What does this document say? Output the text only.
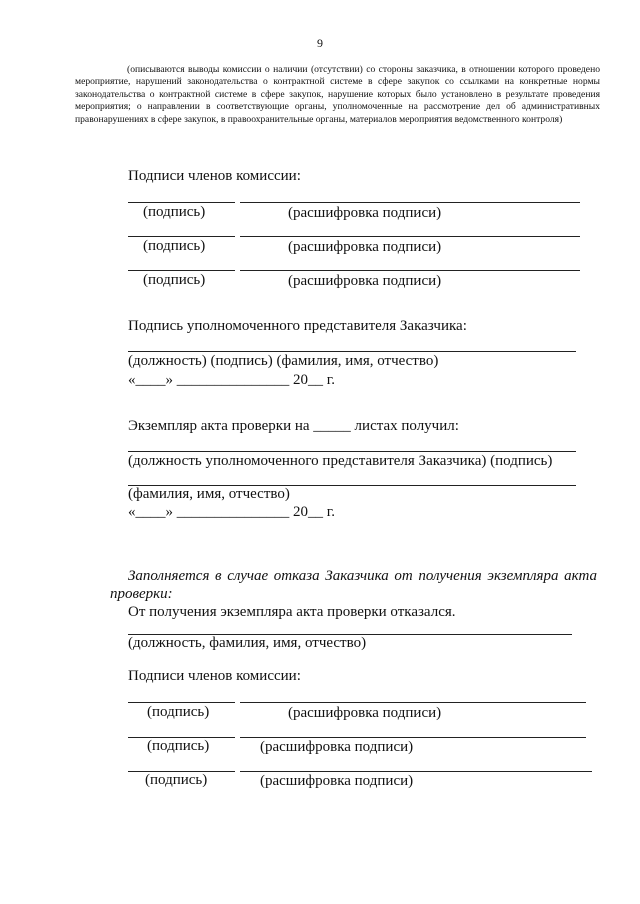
9
(описываются выводы комиссии о наличии (отсутствии) со стороны заказчика, в отношении которого проведено мероприятие, нарушений законодательства о контрактной системе в сфере закупок со ссылками на конкретные нормы законодательства о контрактной системе в сфере закупок, нарушение которых было установлено в результате проведения мероприятия; о направлении в соответствующие органы, уполномоченные на рассмотрение дел об административных правонарушениях в сфере закупок, в правоохранительные органы, материалов мероприятия ведомственного контроля)
Подписи членов комиссии:
(подпись)	(расшифровка подписи)
(подпись)	(расшифровка подписи)
(подпись)	(расшифровка подписи)
Подпись уполномоченного представителя Заказчика:
(должность) (подпись) (фамилия, имя, отчество)
«____» _______________ 20__ г.
Экземпляр акта проверки на _____ листах получил:
(должность уполномоченного представителя Заказчика) (подпись)
(фамилия, имя, отчество)
«____» _______________ 20__ г.
Заполняется в случае отказа Заказчика от получения экземпляра акта проверки:
От получения экземпляра акта проверки отказался.
(должность, фамилия, имя, отчество)
Подписи членов комиссии:
(подпись)	(расшифровка подписи)
(подпись)	(расшифровка подписи)
(подпись)	(расшифровка подписи)
